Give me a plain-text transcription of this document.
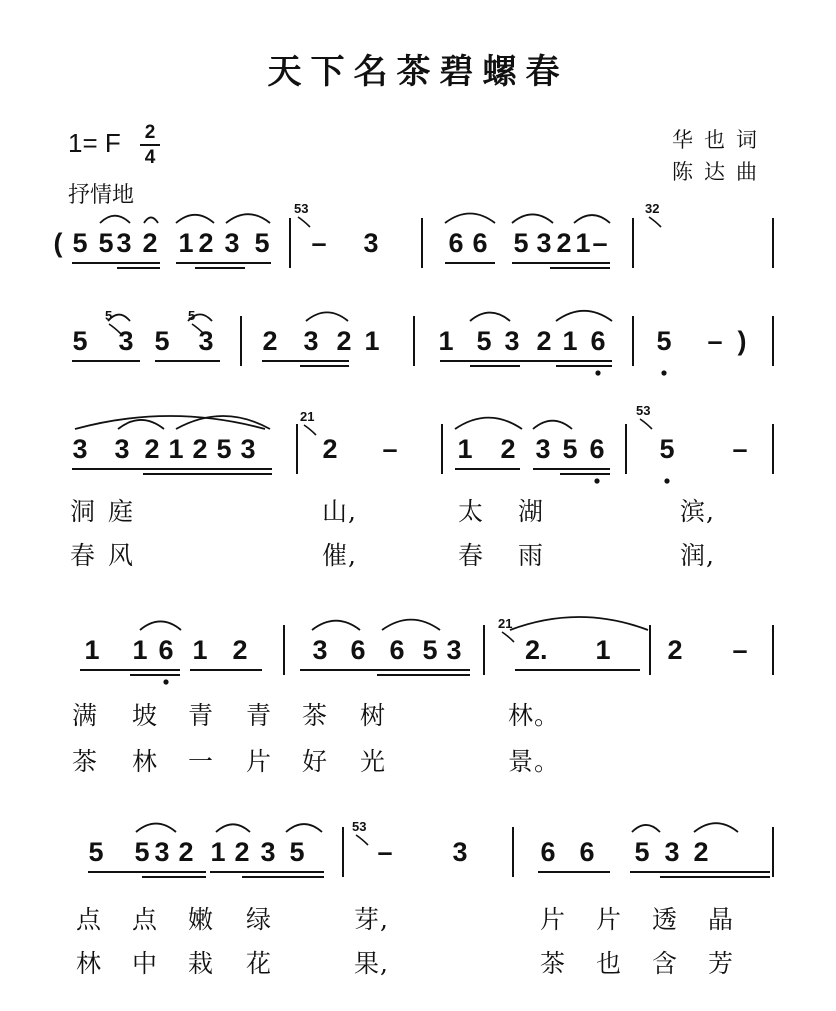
天下名茶碧螺春
1= F 2
4
华也词
陈达曲
抒情地
5 5 3 2 1 2 3 5 – 3	6 6 5 3 2 1 –
(
53	32
5 3 5 3 2 3 2 1 1 5 3 2 1 6 5 – )
5	5
3 3 2 1 2 5 3 2 – 1 2 3 5 6 5 –
21	53
洞 庭	山,	太 湖	滨,
春 风	催,	春 雨	润,
1 1 6 1 2 3 6 6 5 3 2. 1 2 –
21
满 坡 青 青 茶 树	林。
茶 林 一 片 好 光	景。
5 5 3 2 1 2 3 5	– 3	6 6 5 3 2
53
点 点 嫩 绿	芽,	片 片 透 晶
林 中 栽 花	果,	茶 也 含 芳
